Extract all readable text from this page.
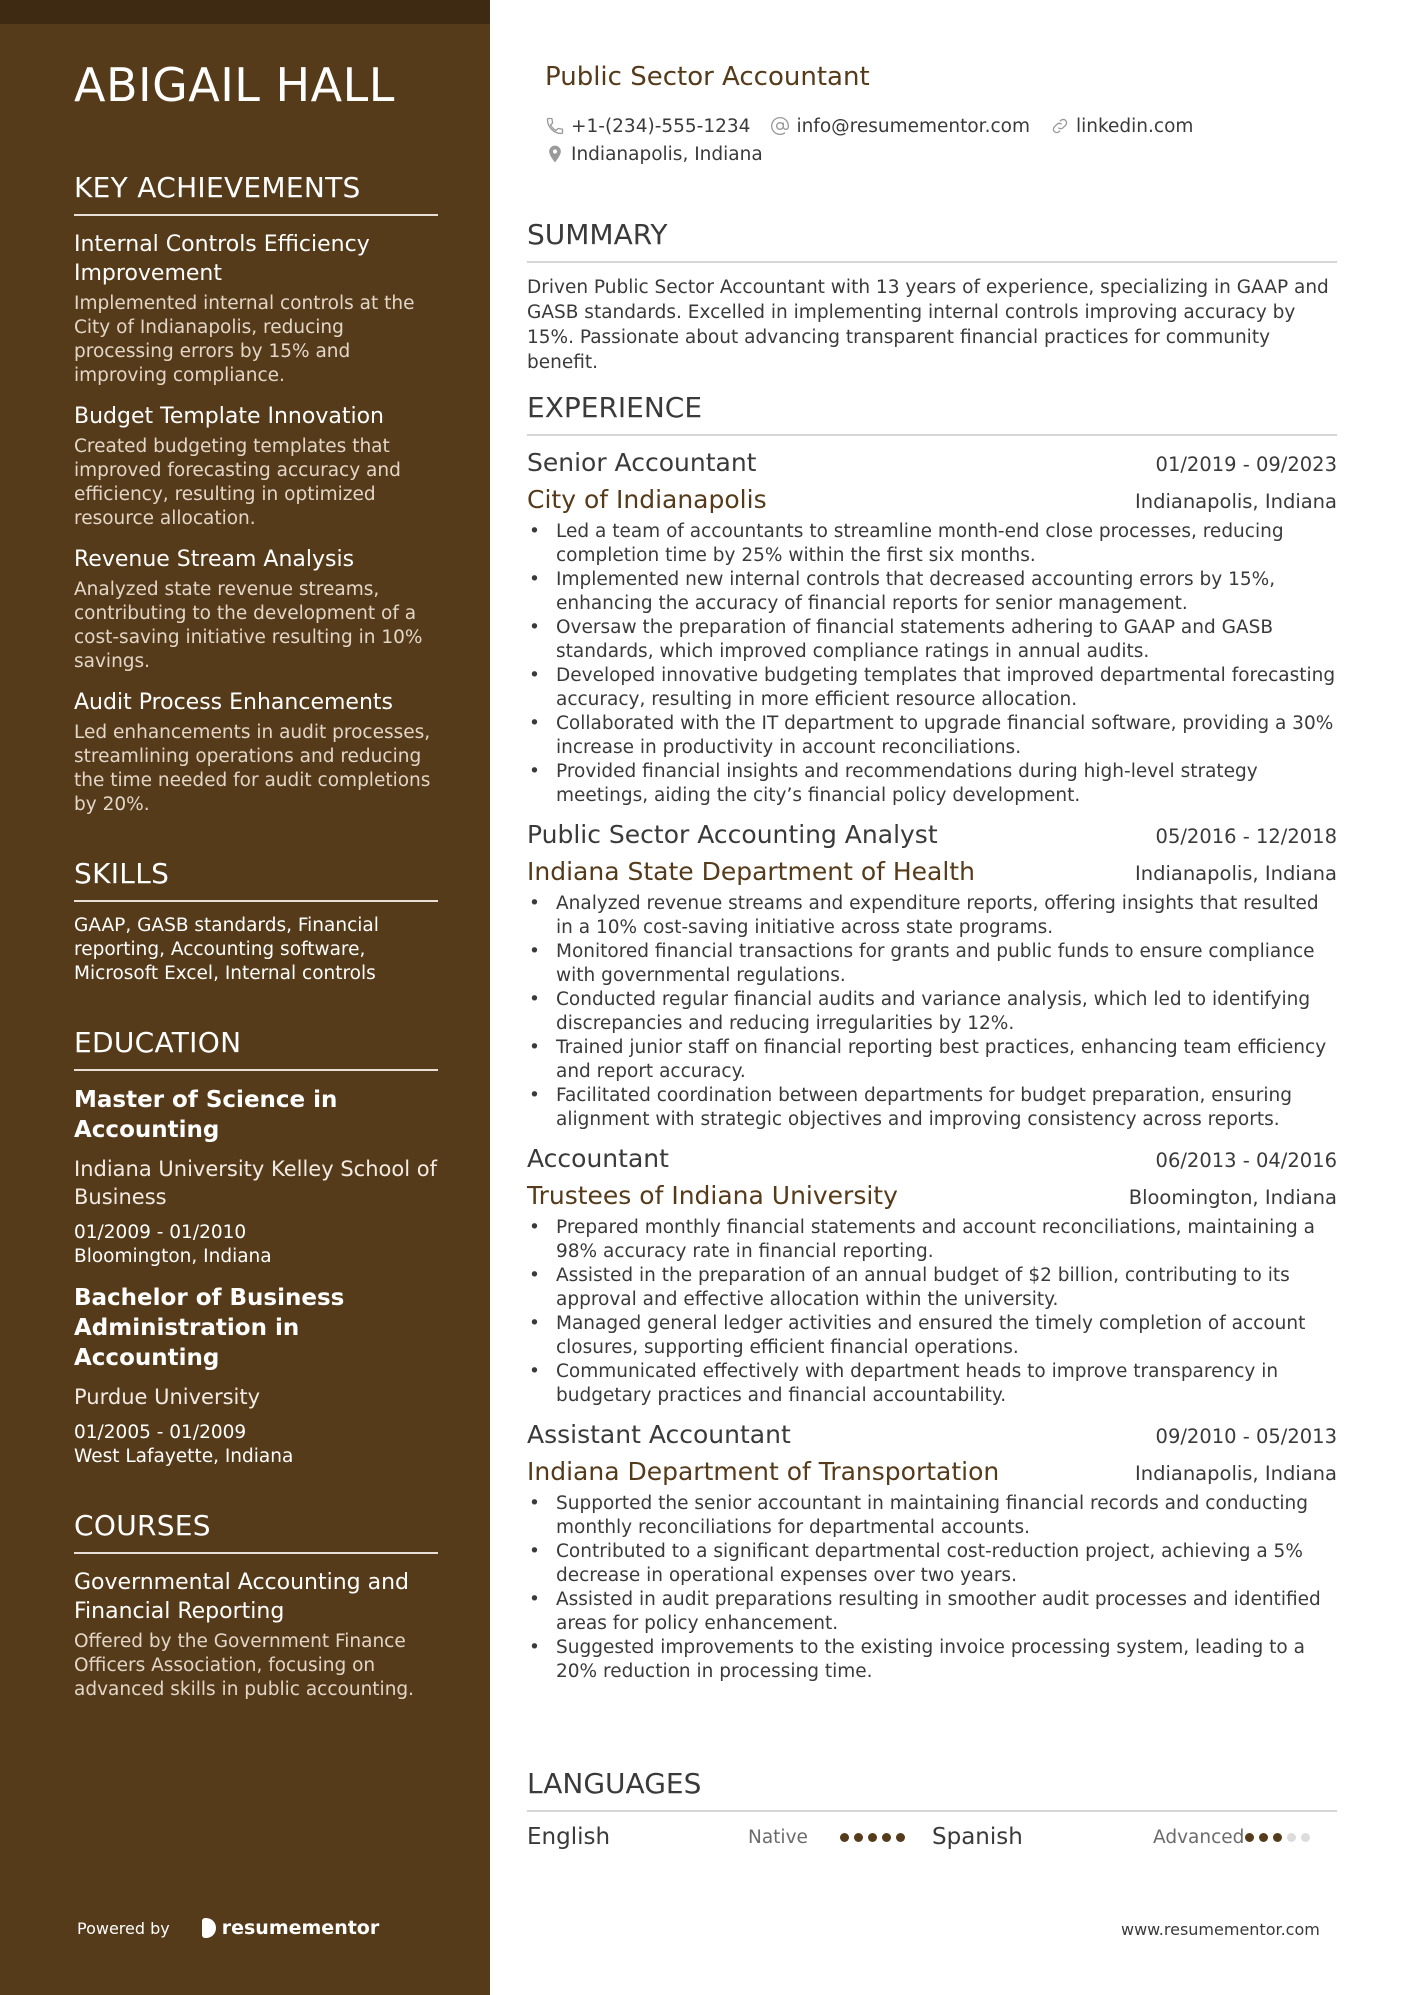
ABIGAIL HALL
KEY ACHIEVEMENTS
Internal Controls Efficiency Improvement
Implemented internal controls at the City of Indianapolis, reducing processing errors by 15% and improving compliance.
Budget Template Innovation
Created budgeting templates that improved forecasting accuracy and efficiency, resulting in optimized resource allocation.
Revenue Stream Analysis
Analyzed state revenue streams, contributing to the development of a cost-saving initiative resulting in 10% savings.
Audit Process Enhancements
Led enhancements in audit processes, streamlining operations and reducing the time needed for audit completions by 20%.
SKILLS
GAAP, GASB standards, Financial reporting, Accounting software, Microsoft Excel, Internal controls
EDUCATION
Master of Science in Accounting
Indiana University Kelley School of Business
01/2009 - 01/2010
Bloomington, Indiana
Bachelor of Business Administration in Accounting
Purdue University
01/2005 - 01/2009
West Lafayette, Indiana
COURSES
Governmental Accounting and Financial Reporting
Offered by the Government Finance Officers Association, focusing on advanced skills in public accounting.
Powered by	resumementor
Public Sector Accountant
+1-(234)-555-1234 info@resumementor.com linkedin.com
Indianapolis, Indiana
SUMMARY
Driven Public Sector Accountant with 13 years of experience, specializing in GAAP and GASB standards. Excelled in implementing internal controls improving accuracy by 15%. Passionate about advancing transparent financial practices for community benefit.
EXPERIENCE
Senior Accountant	01/2019 - 09/2023
City of Indianapolis	Indianapolis, Indiana
• Led a team of accountants to streamline month-end close processes, reducing completion time by 25% within the first six months.
• Implemented new internal controls that decreased accounting errors by 15%, enhancing the accuracy of financial reports for senior management.
• Oversaw the preparation of financial statements adhering to GAAP and GASB standards, which improved compliance ratings in annual audits.
• Developed innovative budgeting templates that improved departmental forecasting accuracy, resulting in more efficient resource allocation.
• Collaborated with the IT department to upgrade financial software, providing a 30% increase in productivity in account reconciliations.
• Provided financial insights and recommendations during high-level strategy meetings, aiding the city’s financial policy development.
Public Sector Accounting Analyst	05/2016 - 12/2018
Indiana State Department of Health	Indianapolis, Indiana
• Analyzed revenue streams and expenditure reports, offering insights that resulted in a 10% cost-saving initiative across state programs.
• Monitored financial transactions for grants and public funds to ensure compliance with governmental regulations.
• Conducted regular financial audits and variance analysis, which led to identifying discrepancies and reducing irregularities by 12%.
• Trained junior staff on financial reporting best practices, enhancing team efficiency and report accuracy.
• Facilitated coordination between departments for budget preparation, ensuring alignment with strategic objectives and improving consistency across reports.
Accountant	06/2013 - 04/2016
Trustees of Indiana University	Bloomington, Indiana
• Prepared monthly financial statements and account reconciliations, maintaining a 98% accuracy rate in financial reporting.
• Assisted in the preparation of an annual budget of $2 billion, contributing to its approval and effective allocation within the university.
• Managed general ledger activities and ensured the timely completion of account closures, supporting efficient financial operations.
• Communicated effectively with department heads to improve transparency in budgetary practices and financial accountability.
Assistant Accountant	09/2010 - 05/2013
Indiana Department of Transportation	Indianapolis, Indiana
• Supported the senior accountant in maintaining financial records and conducting monthly reconciliations for departmental accounts.
• Contributed to a significant departmental cost-reduction project, achieving a 5% decrease in operational expenses over two years.
• Assisted in audit preparations resulting in smoother audit processes and identified areas for policy enhancement.
• Suggested improvements to the existing invoice processing system, leading to a 20% reduction in processing time.
LANGUAGES
English	Native	Spanish	Advanced
www.resumementor.com
